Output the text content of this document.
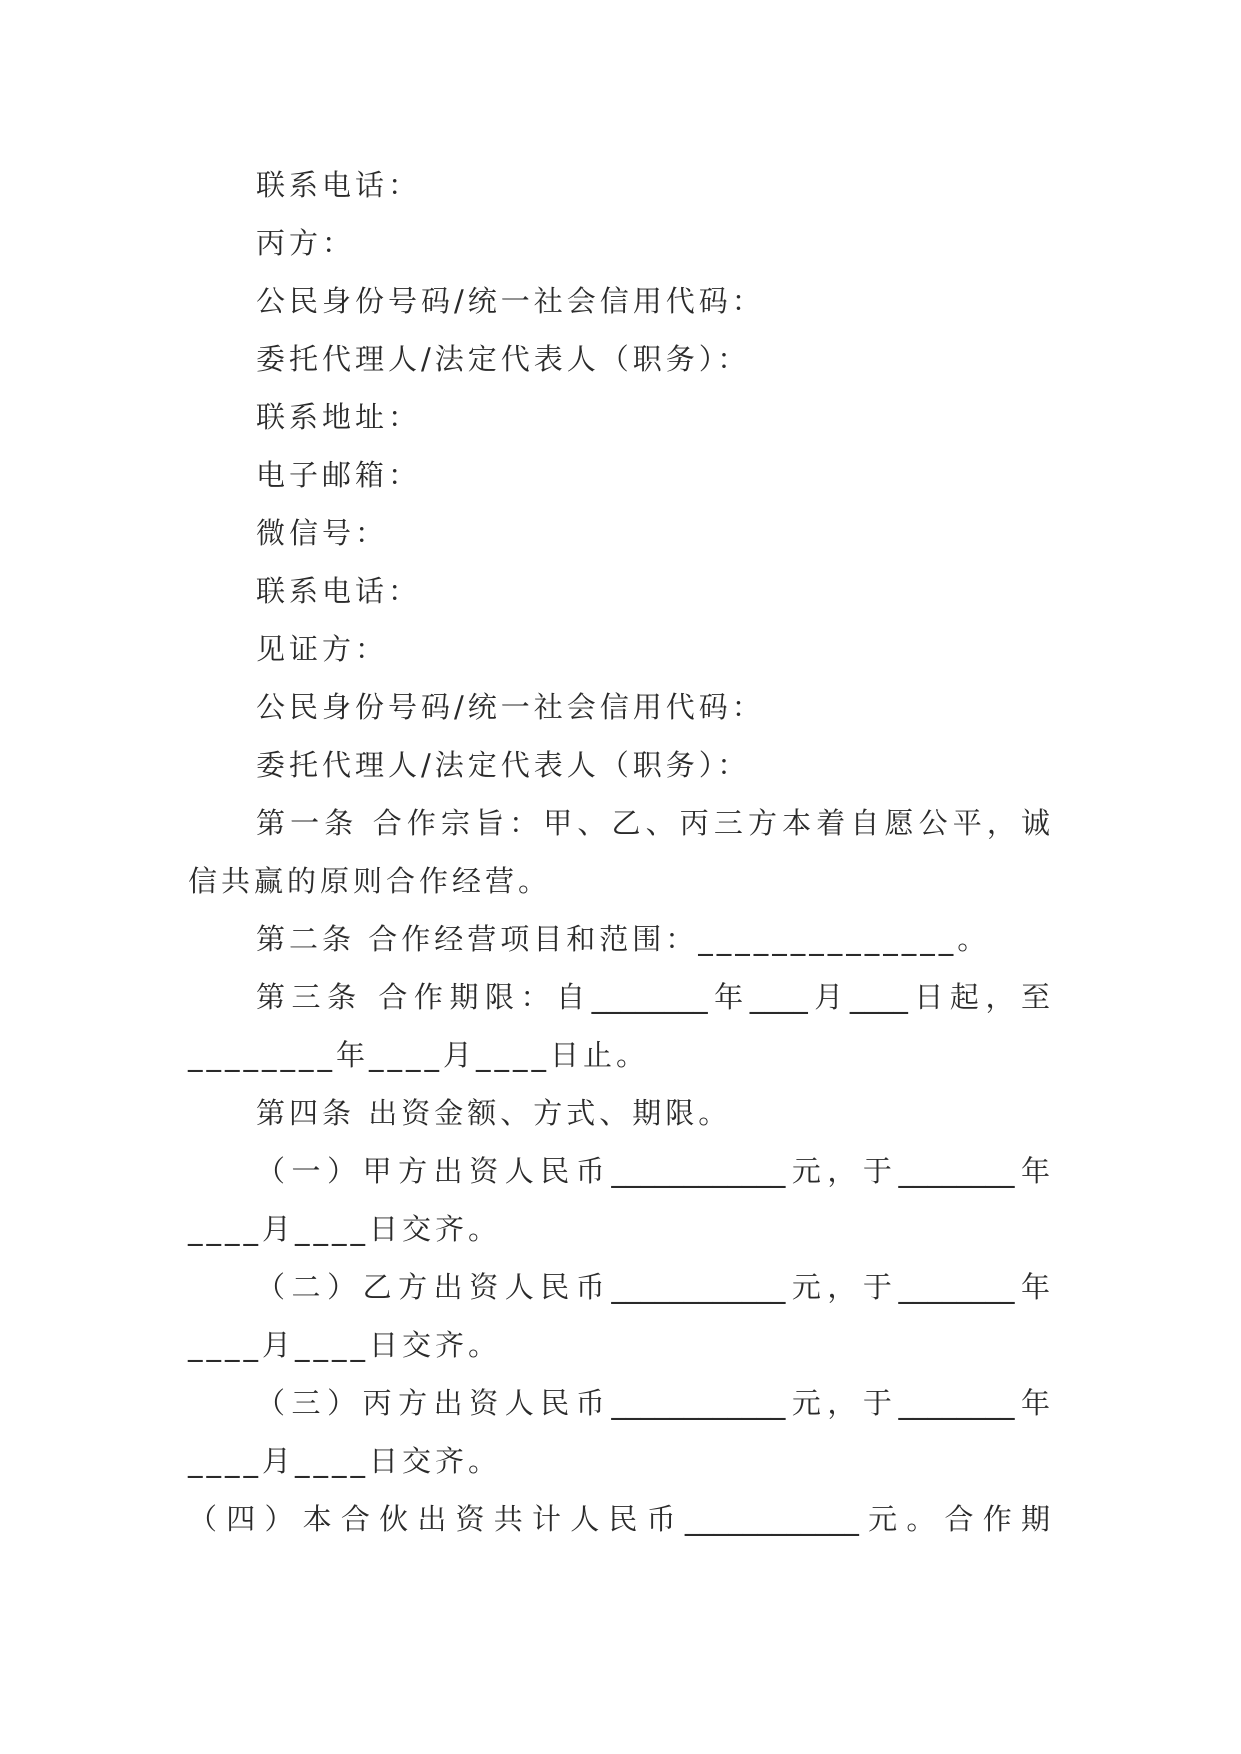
联系电话：
丙方：
公民身份号码/统一社会信用代码：
委托代理人/法定代表人（职务）：
联系地址：
电子邮箱：
微信号：
联系电话：
见证方：
公民身份号码/统一社会信用代码：
委托代理人/法定代表人（职务）：
第一条 合作宗旨：甲、乙、丙三方本着自愿公平，诚
信共赢的原则合作经营。
第二条 合作经营项目和范围：______________。
第三条 合作期限：自________年____月____日起，至
________年____月____日止。
第四条 出资金额、方式、期限。
（一）甲方出资人民币____________元，于________年
____月____日交齐。
（二）乙方出资人民币____________元，于________年
____月____日交齐。
（三）丙方出资人民币____________元，于________年
____月____日交齐。
（四）本合伙出资共计人民币____________元。合作期
